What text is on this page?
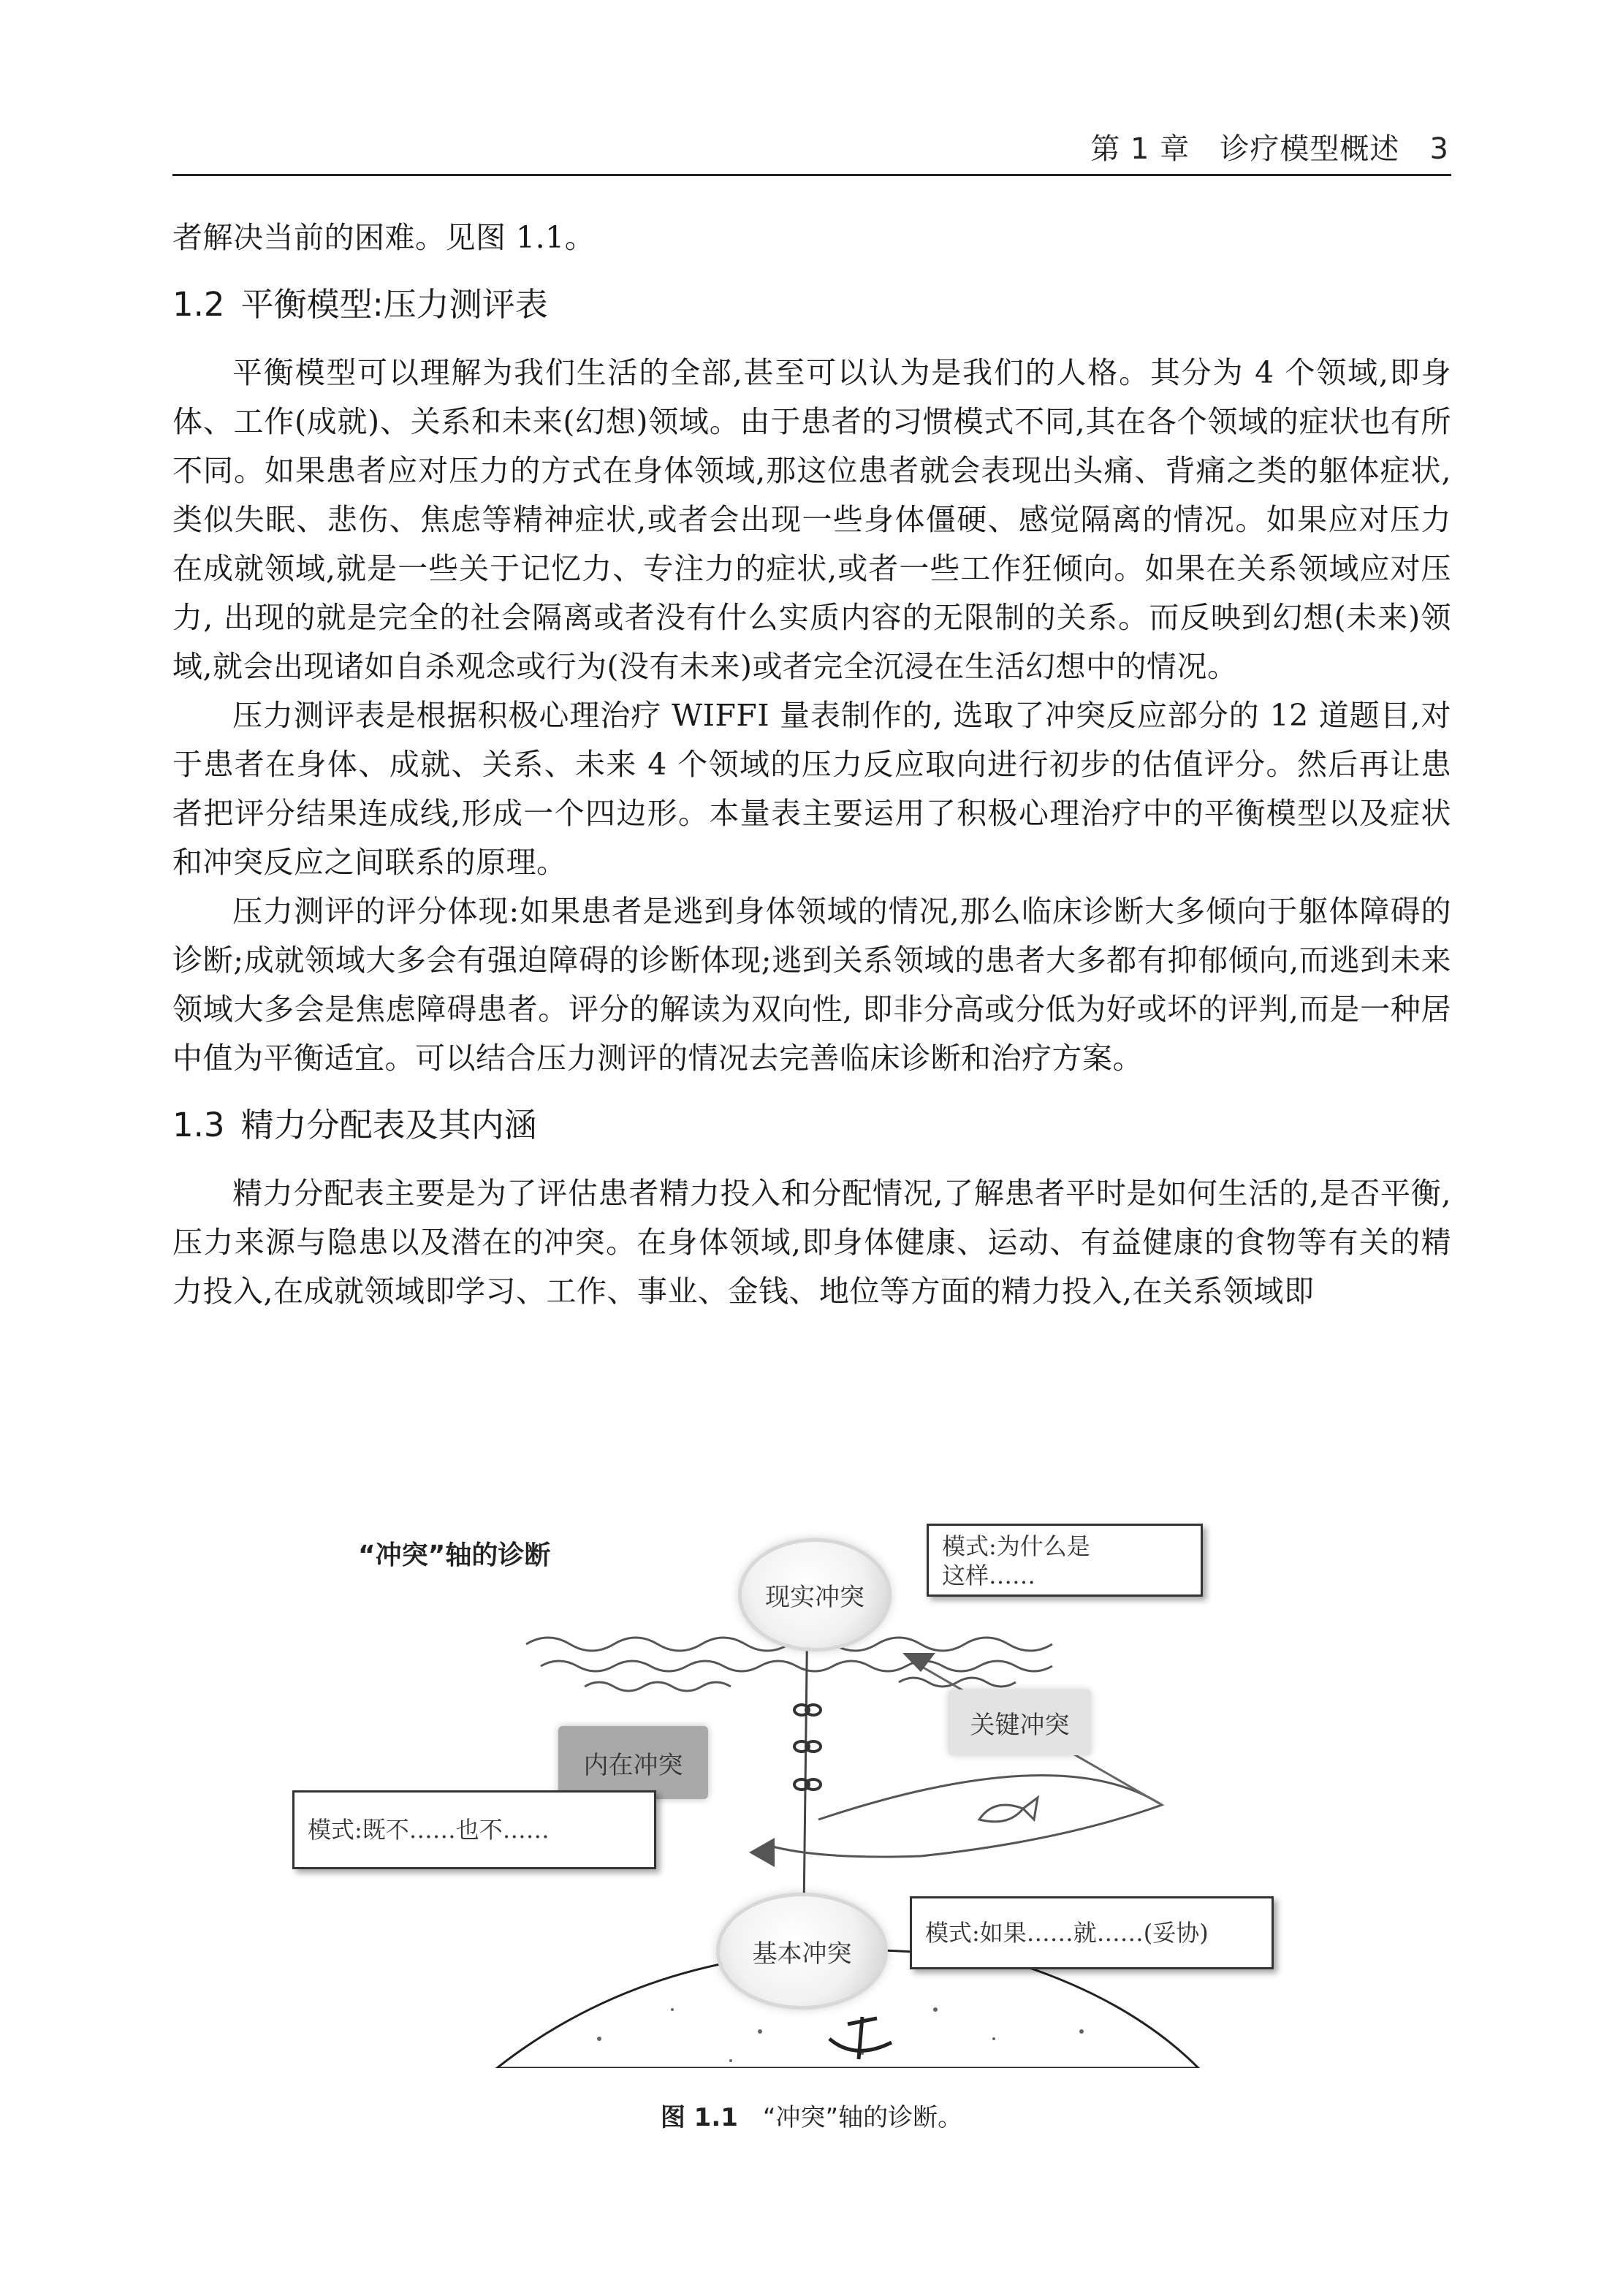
第 1 章 诊疗模型概述 3

者解决当前的困难。见图 1.1。

1.2 平衡模型:压力测评表

平衡模型可以理解为我们生活的全部,甚至可以认为是我们的人格。其分为 4 个领域,即身体、工作(成就)、关系和未来(幻想)领域。由于患者的习惯模式不同,其在各个领域的症状也有所不同。如果患者应对压力的方式在身体领域,那这位患者就会表现出头痛、背痛之类的躯体症状,类似失眠、悲伤、焦虑等精神症状,或者会出现一些身体僵硬、感觉隔离的情况。如果应对压力在成就领域,就是一些关于记忆力、专注力的症状,或者一些工作狂倾向。如果在关系领域应对压力, 出现的就是完全的社会隔离或者没有什么实质内容的无限制的关系。而反映到幻想(未来)领域,就会出现诸如自杀观念或行为(没有未来)或者完全沉浸在生活幻想中的情况。

压力测评表是根据积极心理治疗 WIFFI 量表制作的, 选取了冲突反应部分的 12 道题目,对于患者在身体、成就、关系、未来 4 个领域的压力反应取向进行初步的估值评分。然后再让患者把评分结果连成线,形成一个四边形。本量表主要运用了积极心理治疗中的平衡模型以及症状和冲突反应之间联系的原理。

压力测评的评分体现:如果患者是逃到身体领域的情况,那么临床诊断大多倾向于躯体障碍的诊断;成就领域大多会有强迫障碍的诊断体现;逃到关系领域的患者大多都有抑郁倾向,而逃到未来领域大多会是焦虑障碍患者。评分的解读为双向性, 即非分高或分低为好或坏的评判,而是一种居中值为平衡适宜。可以结合压力测评的情况去完善临床诊断和治疗方案。

1.3 精力分配表及其内涵

精力分配表主要是为了评估患者精力投入和分配情况,了解患者平时是如何生活的,是否平衡,压力来源与隐患以及潜在的冲突。在身体领域,即身体健康、运动、有益健康的食物等有关的精力投入,在成就领域即学习、工作、事业、金钱、地位等方面的精力投入,在关系领域即

“冲突”轴的诊断
现实冲突
基本冲突
关键冲突
内在冲突
模式:为什么是
这样……
模式:既不……也不……
模式:如果……就……(妥协)
图 1.1 “冲突”轴的诊断。
